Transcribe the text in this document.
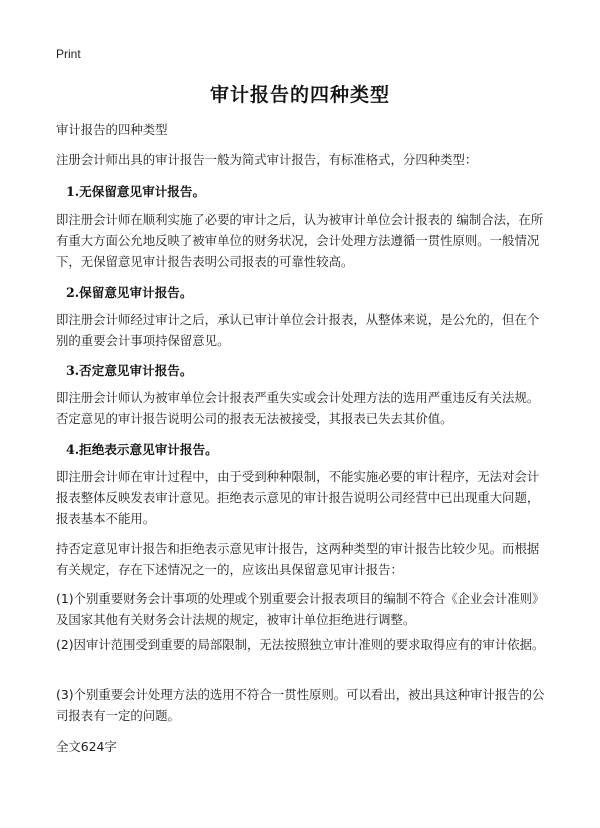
Print
审计报告的四种类型
审计报告的四种类型
注册会计师出具的审计报告一般为简式审计报告，有标准格式，分四种类型：
1.无保留意见审计报告。
即注册会计师在顺利实施了必要的审计之后，认为被审计单位会计报表的 编制合法，在所有重大方面公允地反映了被审单位的财务状况，会计处理方法遵循一贯性原则。一般情况下，无保留意见审计报告表明公司报表的可靠性较高。
2.保留意见审计报告。
即注册会计师经过审计之后，承认已审计单位会计报表，从整体来说，是公允的，但在个别的重要会计事项持保留意见。
3.否定意见审计报告。
即注册会计师认为被审单位会计报表严重失实或会计处理方法的选用严重违反有关法规。否定意见的审计报告说明公司的报表无法被接受，其报表已失去其价值。
4.拒绝表示意见审计报告。
即注册会计师在审计过程中，由于受到种种限制，不能实施必要的审计程序，无法对会计报表整体反映发表审计意见。拒绝表示意见的审计报告说明公司经营中已出现重大问题，报表基本不能用。
持否定意见审计报告和拒绝表示意见审计报告，这两种类型的审计报告比较少见。而根据有关规定，存在下述情况之一的，应该出具保留意见审计报告：
(1)个别重要财务会计事项的处理或个别重要会计报表项目的编制不符合《企业会计准则》及国家其他有关财务会计法规的规定，被审计单位拒绝进行调整。
(2)因审计范围受到重要的局部限制，无法按照独立审计准则的要求取得应有的审计依据。
(3)个别重要会计处理方法的选用不符合一贯性原则。可以看出，被出具这种审计报告的公司报表有一定的问题。
全文624字
